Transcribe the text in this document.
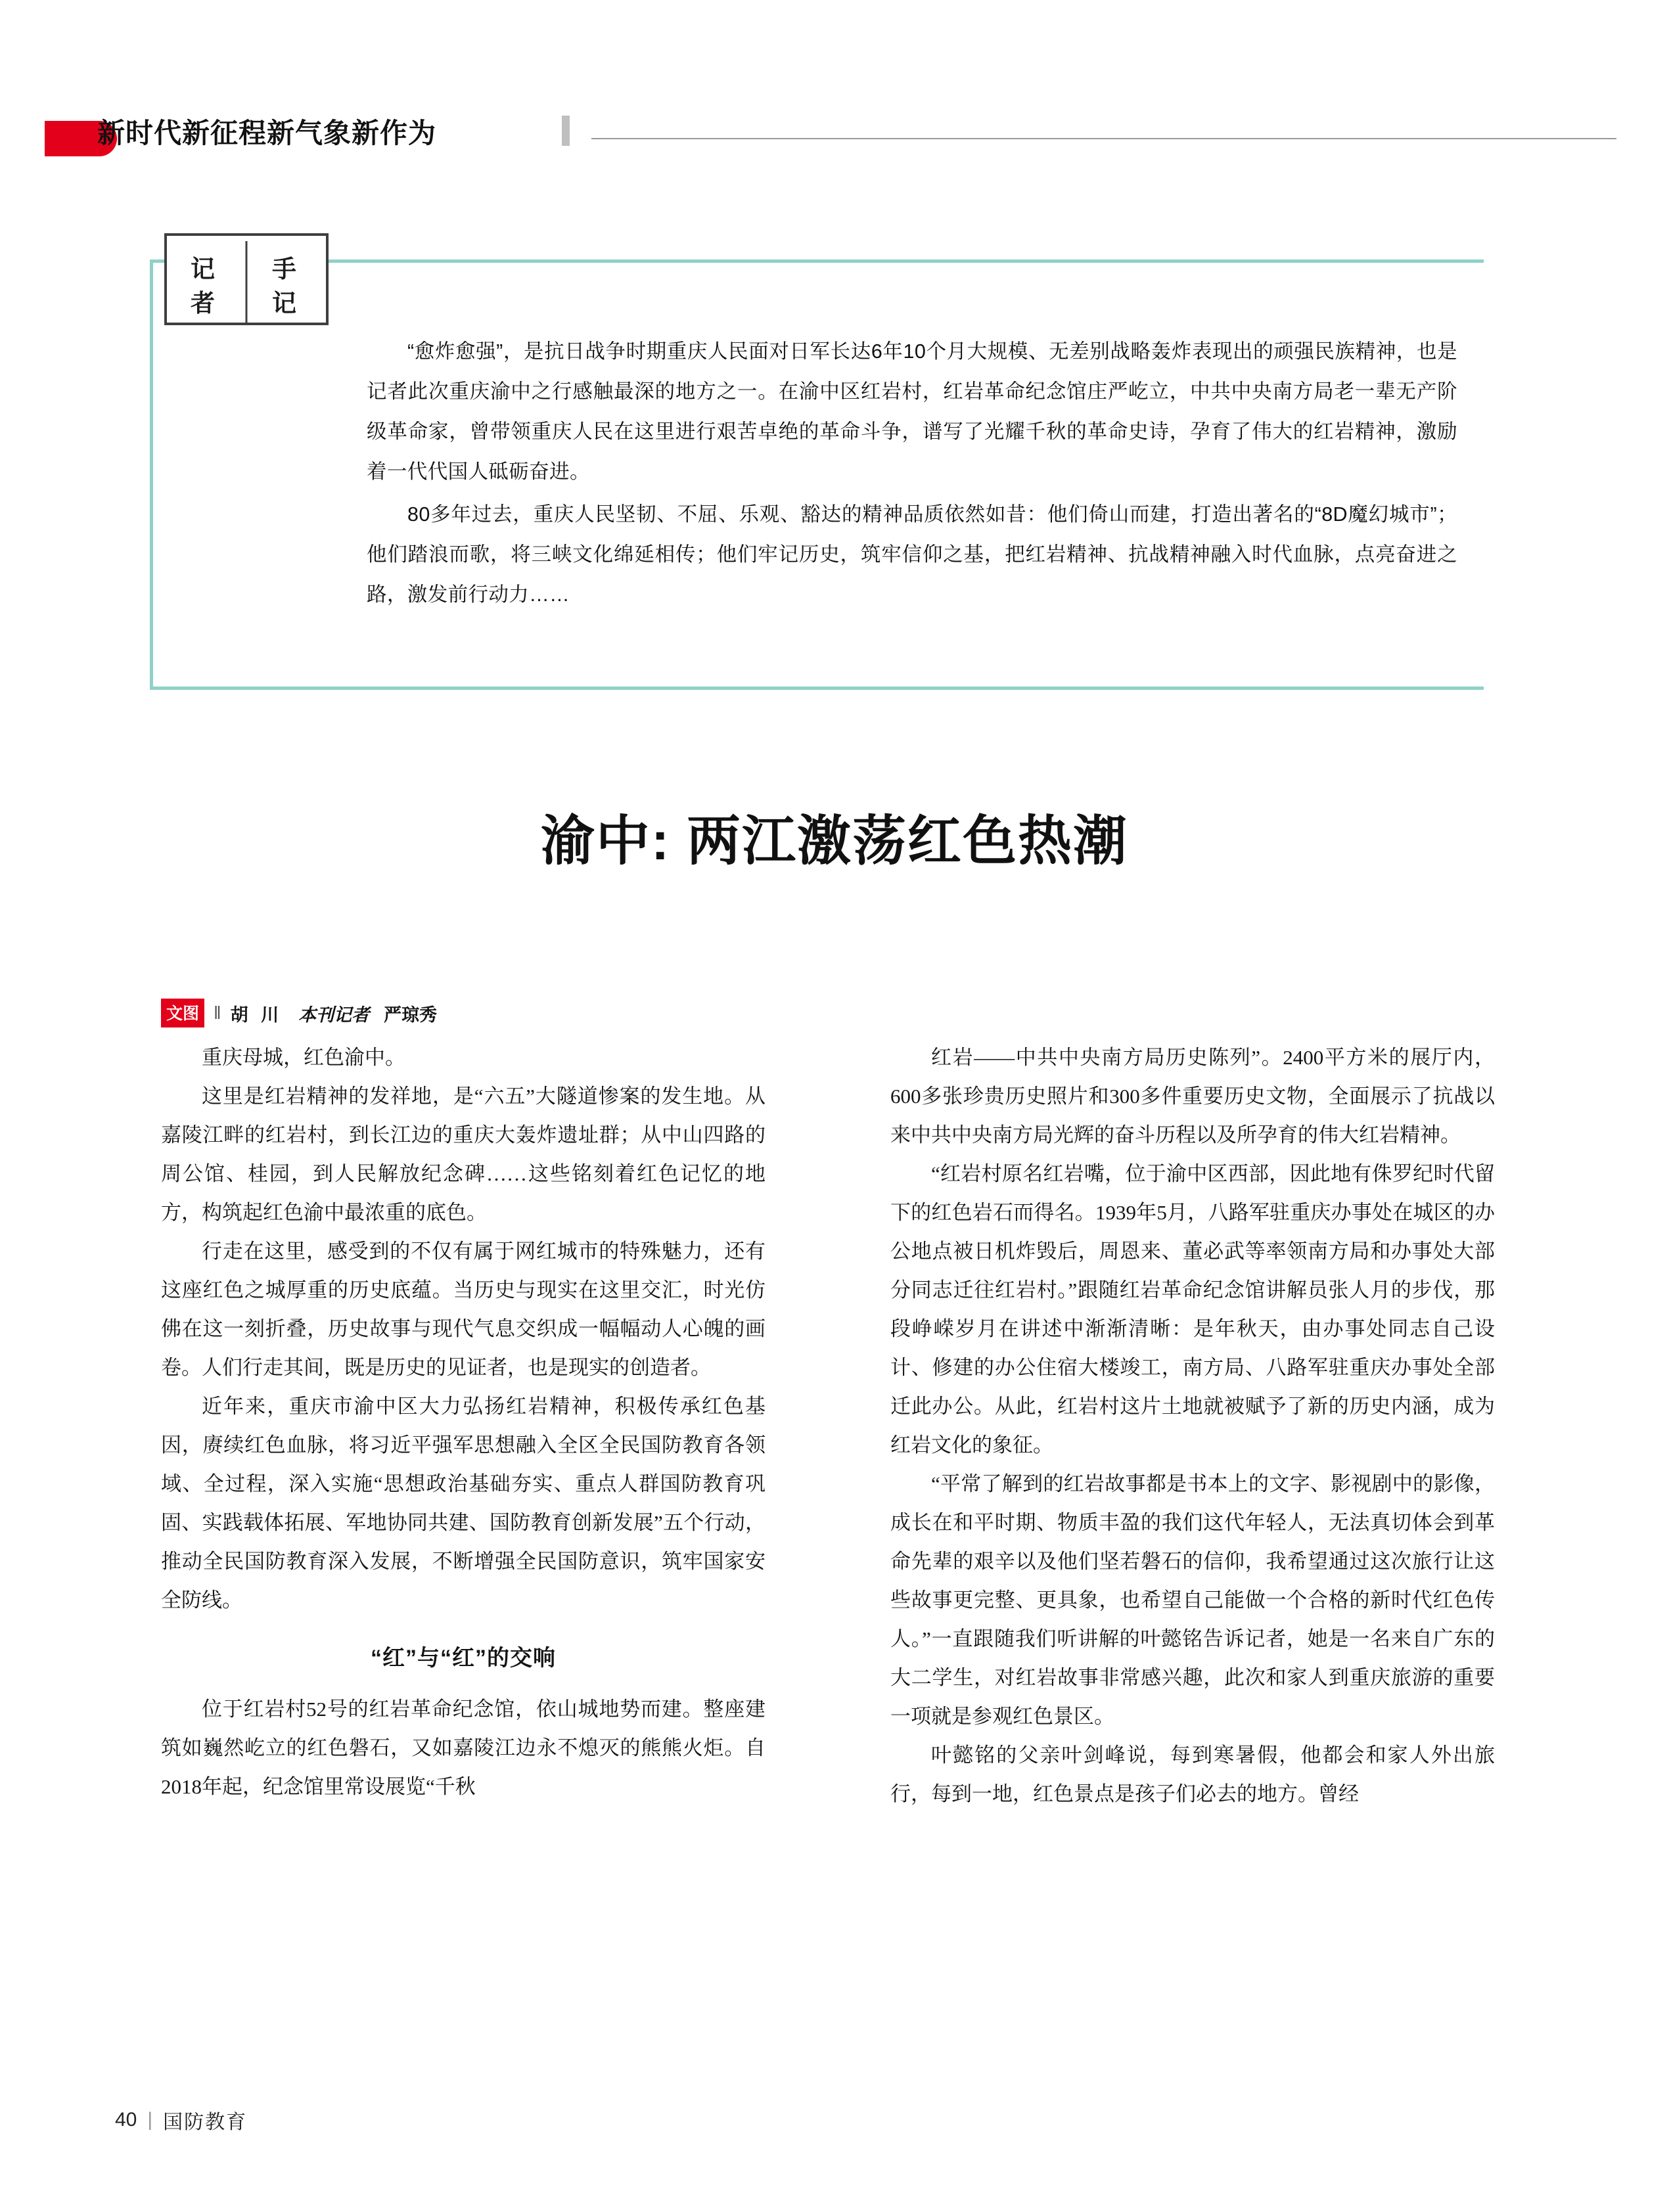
新时代新征程新气象新作为
记
者
手
记

“愈炸愈强”，是抗日战争时期重庆人民面对日军长达6年10个月大规模、无差别战略轰炸表现出的顽强民族精神，也是记者此次重庆渝中之行感触最深的地方之一。在渝中区红岩村，红岩革命纪念馆庄严屹立，中共中央南方局老一辈无产阶级革命家，曾带领重庆人民在这里进行艰苦卓绝的革命斗争，谱写了光耀千秋的革命史诗，孕育了伟大的红岩精神，激励着一代代国人砥砺奋进。

80多年过去，重庆人民坚韧、不屈、乐观、豁达的精神品质依然如昔：他们倚山而建，打造出著名的“8D魔幻城市”；他们踏浪而歌，将三峡文化绵延相传；他们牢记历史，筑牢信仰之基，把红岩精神、抗战精神融入时代血脉，点亮奋进之路，激发前行动力……

渝中: 两江激荡红色热潮
文图 ‖ 胡 川 本刊记者 严琼秀

重庆母城，红色渝中。

这里是红岩精神的发祥地，是“六五”大隧道惨案的发生地。从嘉陵江畔的红岩村，到长江边的重庆大轰炸遗址群；从中山四路的周公馆、桂园，到人民解放纪念碑……这些铭刻着红色记忆的地方，构筑起红色渝中最浓重的底色。

行走在这里，感受到的不仅有属于网红城市的特殊魅力，还有这座红色之城厚重的历史底蕴。当历史与现实在这里交汇，时光仿佛在这一刻折叠，历史故事与现代气息交织成一幅幅动人心魄的画卷。人们行走其间，既是历史的见证者，也是现实的创造者。

近年来，重庆市渝中区大力弘扬红岩精神，积极传承红色基因，赓续红色血脉，将习近平强军思想融入全区全民国防教育各领域、全过程，深入实施“思想政治基础夯实、重点人群国防教育巩固、实践载体拓展、军地协同共建、国防教育创新发展”五个行动，推动全民国防教育深入发展，不断增强全民国防意识，筑牢国家安全防线。

“红”与“红”的交响

位于红岩村52号的红岩革命纪念馆，依山城地势而建。整座建筑如巍然屹立的红色磐石，又如嘉陵江边永不熄灭的熊熊火炬。自2018年起，纪念馆里常设展览“千秋

红岩——中共中央南方局历史陈列”。2400平方米的展厅内，600多张珍贵历史照片和300多件重要历史文物，全面展示了抗战以来中共中央南方局光辉的奋斗历程以及所孕育的伟大红岩精神。

“红岩村原名红岩嘴，位于渝中区西部，因此地有侏罗纪时代留下的红色岩石而得名。1939年5月，八路军驻重庆办事处在城区的办公地点被日机炸毁后，周恩来、董必武等率领南方局和办事处大部分同志迁往红岩村。”跟随红岩革命纪念馆讲解员张人月的步伐，那段峥嵘岁月在讲述中渐渐清晰：是年秋天，由办事处同志自己设计、修建的办公住宿大楼竣工，南方局、八路军驻重庆办事处全部迁此办公。从此，红岩村这片土地就被赋予了新的历史内涵，成为红岩文化的象征。

“平常了解到的红岩故事都是书本上的文字、影视剧中的影像，成长在和平时期、物质丰盈的我们这代年轻人，无法真切体会到革命先辈的艰辛以及他们坚若磐石的信仰，我希望通过这次旅行让这些故事更完整、更具象，也希望自己能做一个合格的新时代红色传人。”一直跟随我们听讲解的叶懿铭告诉记者，她是一名来自广东的大二学生，对红岩故事非常感兴趣，此次和家人到重庆旅游的重要一项就是参观红色景区。

叶懿铭的父亲叶剑峰说，每到寒暑假，他都会和家人外出旅行，每到一地，红色景点是孩子们必去的地方。曾经

40 | 国防教育
